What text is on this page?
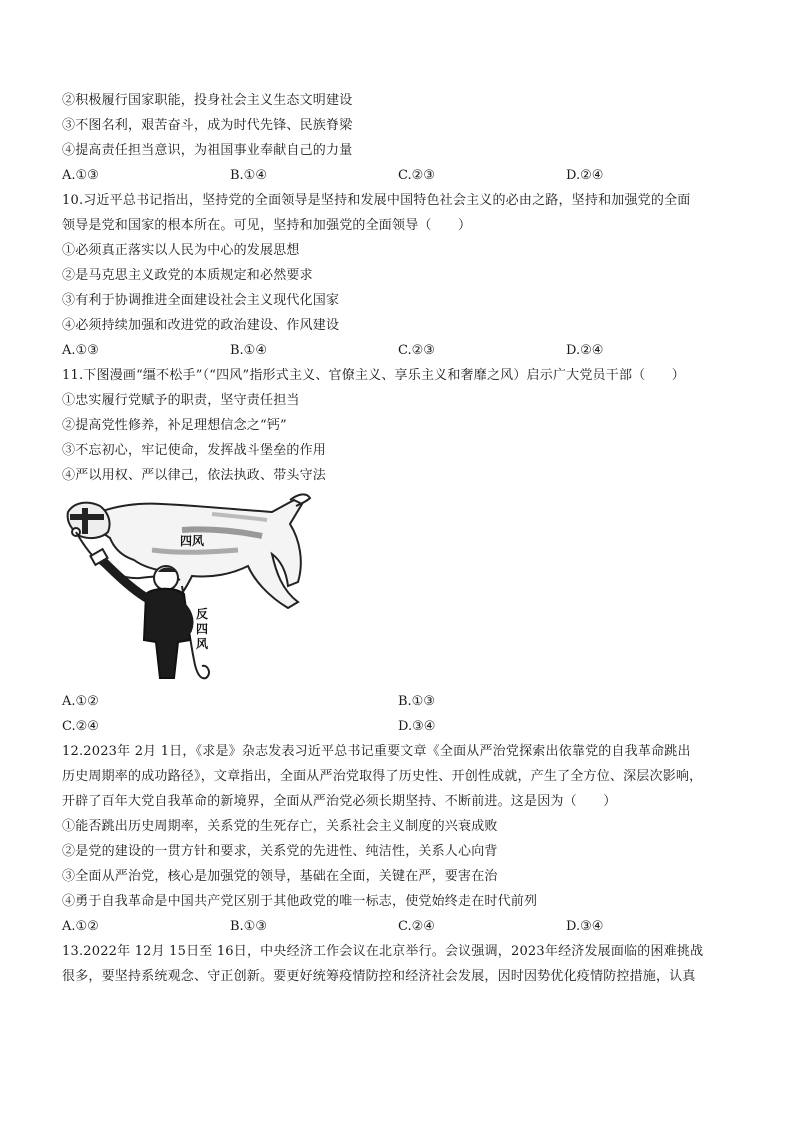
②积极履行国家职能，投身社会主义生态文明建设
③不图名利，艰苦奋斗，成为时代先锋、民族脊梁
④提高责任担当意识，为祖国事业奉献自己的力量
A.①③	B.①④	C.②③	D.②④
10.习近平总书记指出，坚持党的全面领导是坚持和发展中国特色社会主义的必由之路，坚持和加强党的全面
领导是党和国家的根本所在。可见，坚持和加强党的全面领导（　　）
①必须真正落实以人民为中心的发展思想
②是马克思主义政党的本质规定和必然要求
③有利于协调推进全面建设社会主义现代化国家
④必须持续加强和改进党的政治建设、作风建设
A.①③	B.①④	C.②③	D.②④
11.下图漫画“缰不松手”（“四风”指形式主义、官僚主义、享乐主义和奢靡之风）启示广大党员干部（　　）
①忠实履行党赋予的职责，坚守责任担当
②提高党性修养，补足理想信念之“钙”
③不忘初心，牢记使命，发挥战斗堡垒的作用
④严以用权、严以律己，依法执政、带头守法
四风
反 四 风
A.①②	B.①③
C.②④	D.③④
12.2023年 2月 1日，《求是》杂志发表习近平总书记重要文章《全面从严治党探索出依靠党的自我革命跳出
历史周期率的成功路径》，文章指出，全面从严治党取得了历史性、开创性成就，产生了全方位、深层次影响，
开辟了百年大党自我革命的新境界，全面从严治党必须长期坚持、不断前进。这是因为（　　）
①能否跳出历史周期率，关系党的生死存亡，关系社会主义制度的兴衰成败
②是党的建设的一贯方针和要求，关系党的先进性、纯洁性，关系人心向背
③全面从严治党，核心是加强党的领导，基础在全面，关键在严，要害在治
④勇于自我革命是中国共产党区别于其他政党的唯一标志，使党始终走在时代前列
A.①②	B.①③	C.②④	D.③④
13.2022年 12月 15日至 16日，中央经济工作会议在北京举行。会议强调，2023年经济发展面临的困难挑战
很多，要坚持系统观念、守正创新。要更好统筹疫情防控和经济社会发展，因时因势优化疫情防控措施，认真
